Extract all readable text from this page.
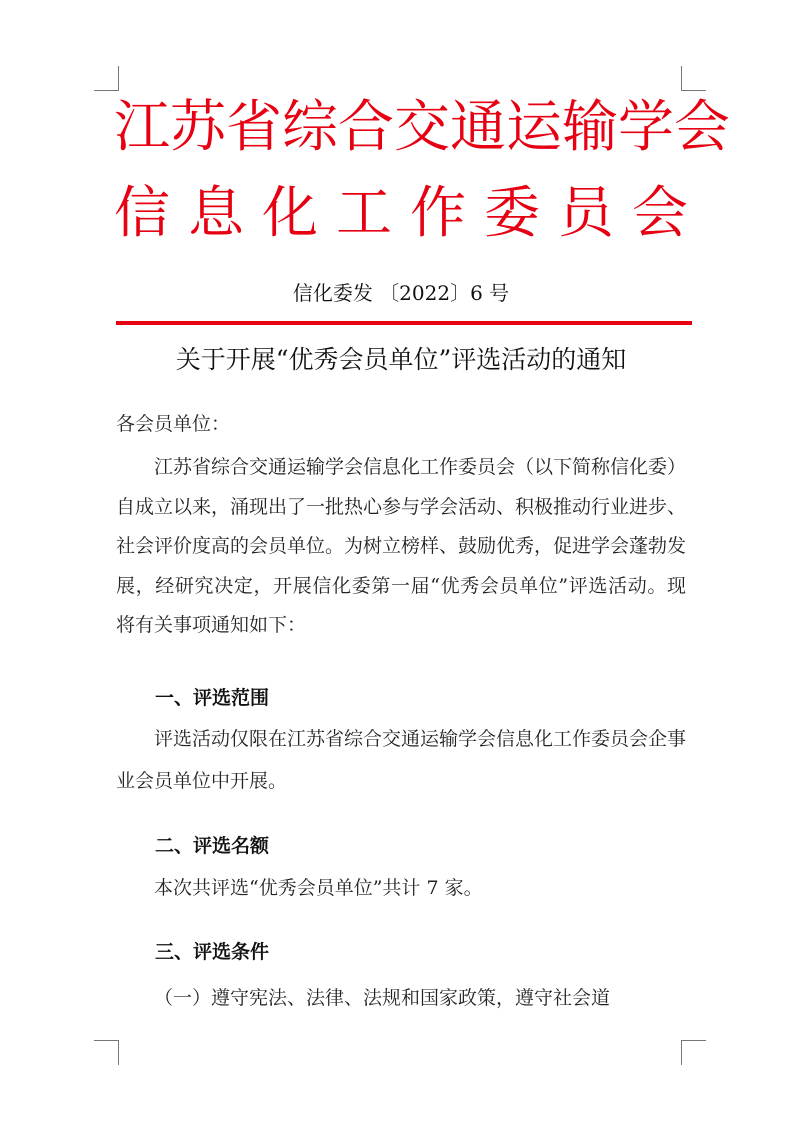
江苏省综合交通运输学会
信 息 化 工 作 委 员 会
信化委发 〔2022〕6 号
关于开展“优秀会员单位”评选活动的通知
各会员单位：
江苏省综合交通运输学会信息化工作委员会（以下简称信化委）自成立以来，涌现出了一批热心参与学会活动、积极推动行业进步、社会评价度高的会员单位。为树立榜样、鼓励优秀，促进学会蓬勃发展，经研究决定，开展信化委第一届“优秀会员单位”评选活动。现将有关事项通知如下：
一、评选范围
评选活动仅限在江苏省综合交通运输学会信息化工作委员会企事业会员单位中开展。
二、评选名额
本次共评选“优秀会员单位”共计 7 家。
三、评选条件
（一）遵守宪法、法律、法规和国家政策，遵守社会道
